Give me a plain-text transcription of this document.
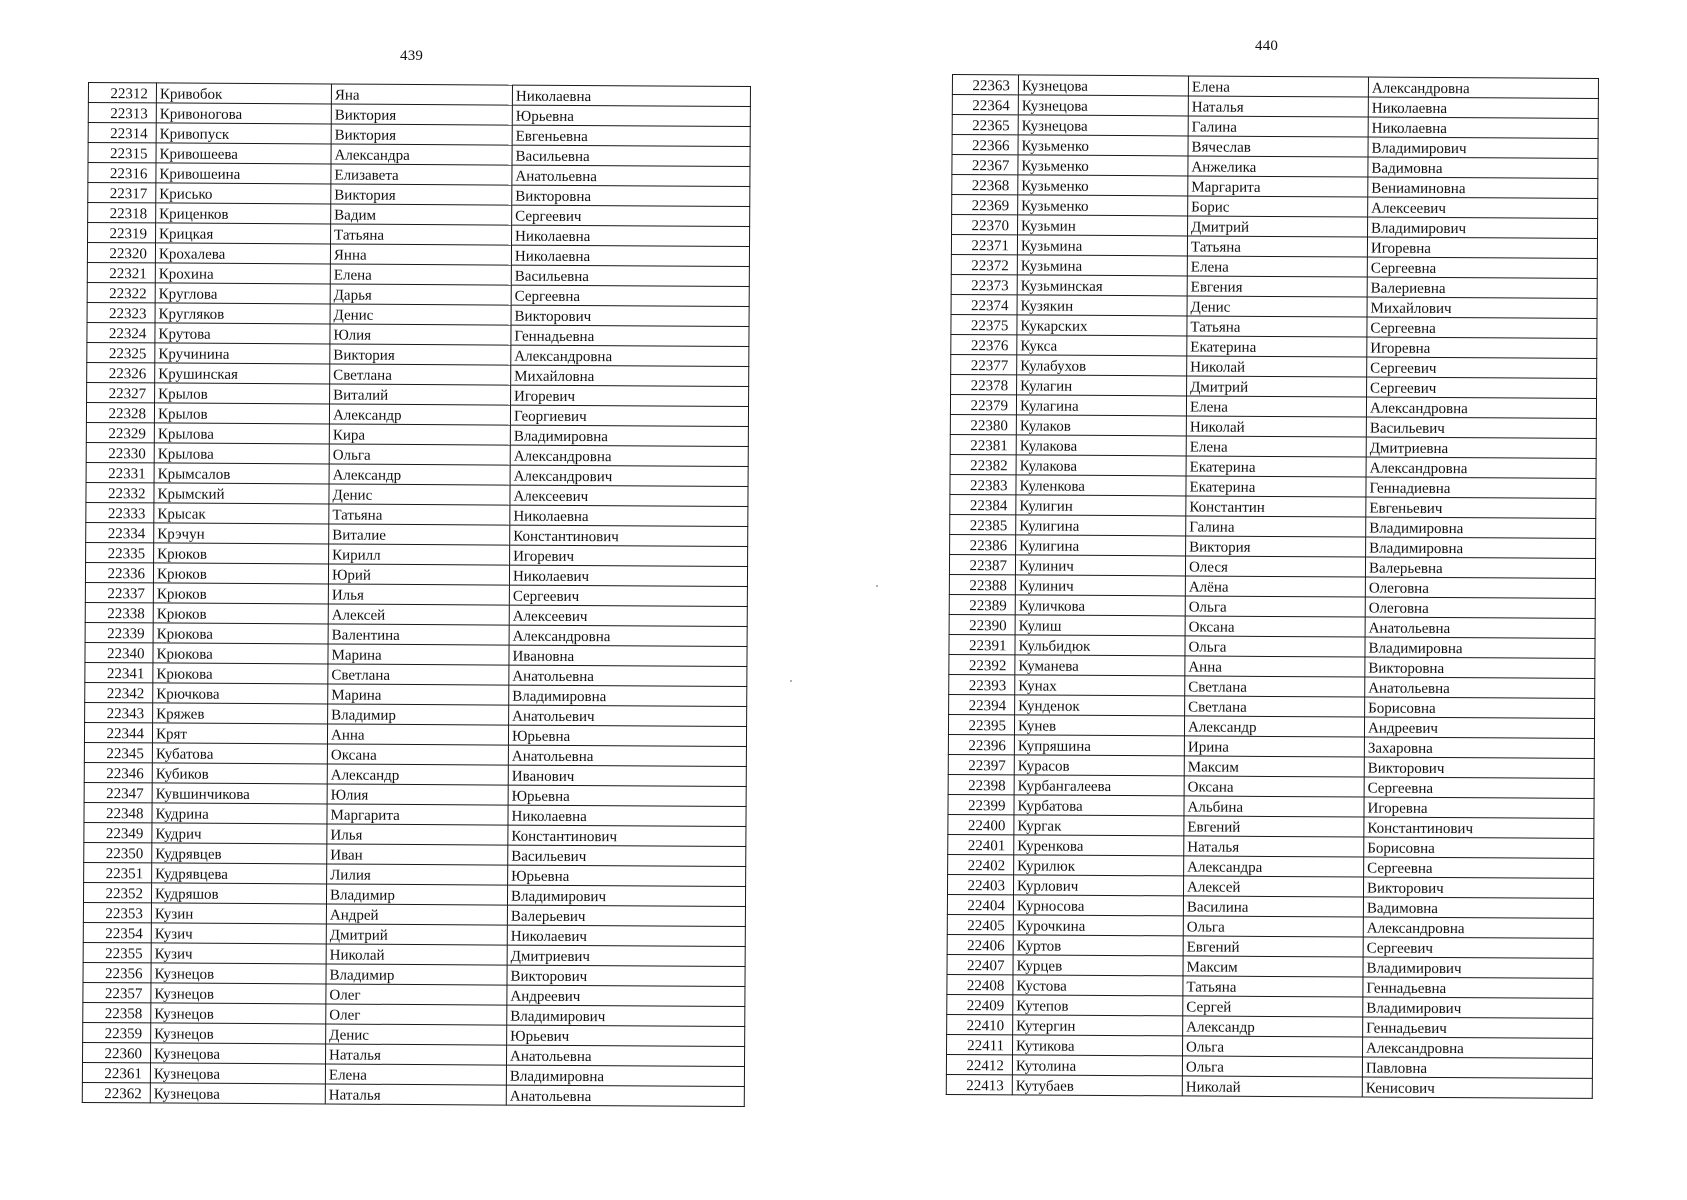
439
440
22312	Кривобок	Яна	Николаевна
22313	Кривоногова	Виктория	Юрьевна
22314	Кривопуск	Виктория	Евгеньевна
22315	Кривошеева	Александра	Васильевна
22316	Кривошеина	Елизавета	Анатольевна
22317	Крисько	Виктория	Викторовна
22318	Криценков	Вадим	Сергеевич
22319	Крицкая	Татьяна	Николаевна
22320	Крохалева	Янна	Николаевна
22321	Крохина	Елена	Васильевна
22322	Круглова	Дарья	Сергеевна
22323	Кругляков	Денис	Викторович
22324	Крутова	Юлия	Геннадьевна
22325	Кручинина	Виктория	Александровна
22326	Крушинская	Светлана	Михайловна
22327	Крылов	Виталий	Игоревич
22328	Крылов	Александр	Георгиевич
22329	Крылова	Кира	Владимировна
22330	Крылова	Ольга	Александровна
22331	Крымсалов	Александр	Александрович
22332	Крымский	Денис	Алексеевич
22333	Крысак	Татьяна	Николаевна
22334	Крэчун	Виталие	Константинович
22335	Крюков	Кирилл	Игоревич
22336	Крюков	Юрий	Николаевич
22337	Крюков	Илья	Сергеевич
22338	Крюков	Алексей	Алексеевич
22339	Крюкова	Валентина	Александровна
22340	Крюкова	Марина	Ивановна
22341	Крюкова	Светлана	Анатольевна
22342	Крючкова	Марина	Владимировна
22343	Кряжев	Владимир	Анатольевич
22344	Крят	Анна	Юрьевна
22345	Кубатова	Оксана	Анатольевна
22346	Кубиков	Александр	Иванович
22347	Кувшинчикова	Юлия	Юрьевна
22348	Кудрина	Маргарита	Николаевна
22349	Кудрич	Илья	Константинович
22350	Кудрявцев	Иван	Васильевич
22351	Кудрявцева	Лилия	Юрьевна
22352	Кудряшов	Владимир	Владимирович
22353	Кузин	Андрей	Валерьевич
22354	Кузич	Дмитрий	Николаевич
22355	Кузич	Николай	Дмитриевич
22356	Кузнецов	Владимир	Викторович
22357	Кузнецов	Олег	Андреевич
22358	Кузнецов	Олег	Владимирович
22359	Кузнецов	Денис	Юрьевич
22360	Кузнецова	Наталья	Анатольевна
22361	Кузнецова	Елена	Владимировна
22362	Кузнецова	Наталья	Анатольевна
22363	Кузнецова	Елена	Александровна
22364	Кузнецова	Наталья	Николаевна
22365	Кузнецова	Галина	Николаевна
22366	Кузьменко	Вячеслав	Владимирович
22367	Кузьменко	Анжелика	Вадимовна
22368	Кузьменко	Маргарита	Вениаминовна
22369	Кузьменко	Борис	Алексеевич
22370	Кузьмин	Дмитрий	Владимирович
22371	Кузьмина	Татьяна	Игоревна
22372	Кузьмина	Елена	Сергеевна
22373	Кузьминская	Евгения	Валериевна
22374	Кузякин	Денис	Михайлович
22375	Кукарских	Татьяна	Сергеевна
22376	Кукса	Екатерина	Игоревна
22377	Кулабухов	Николай	Сергеевич
22378	Кулагин	Дмитрий	Сергеевич
22379	Кулагина	Елена	Александровна
22380	Кулаков	Николай	Васильевич
22381	Кулакова	Елена	Дмитриевна
22382	Кулакова	Екатерина	Александровна
22383	Куленкова	Екатерина	Геннадиевна
22384	Кулигин	Константин	Евгеньевич
22385	Кулигина	Галина	Владимировна
22386	Кулигина	Виктория	Владимировна
22387	Кулинич	Олеся	Валерьевна
22388	Кулинич	Алёна	Олеговна
22389	Куличкова	Ольга	Олеговна
22390	Кулиш	Оксана	Анатольевна
22391	Кульбидюк	Ольга	Владимировна
22392	Куманева	Анна	Викторовна
22393	Кунах	Светлана	Анатольевна
22394	Кунденок	Светлана	Борисовна
22395	Кунев	Александр	Андреевич
22396	Купряшина	Ирина	Захаровна
22397	Курасов	Максим	Викторович
22398	Курбангалеева	Оксана	Сергеевна
22399	Курбатова	Альбина	Игоревна
22400	Кургак	Евгений	Константинович
22401	Куренкова	Наталья	Борисовна
22402	Курилюк	Александра	Сергеевна
22403	Курлович	Алексей	Викторович
22404	Курносова	Василина	Вадимовна
22405	Курочкина	Ольга	Александровна
22406	Куртов	Евгений	Сергеевич
22407	Курцев	Максим	Владимирович
22408	Кустова	Татьяна	Геннадьевна
22409	Кутепов	Сергей	Владимирович
22410	Кутергин	Александр	Геннадьевич
22411	Кутикова	Ольга	Александровна
22412	Кутолина	Ольга	Павловна
22413	Кутубаев	Николай	Кенисович
